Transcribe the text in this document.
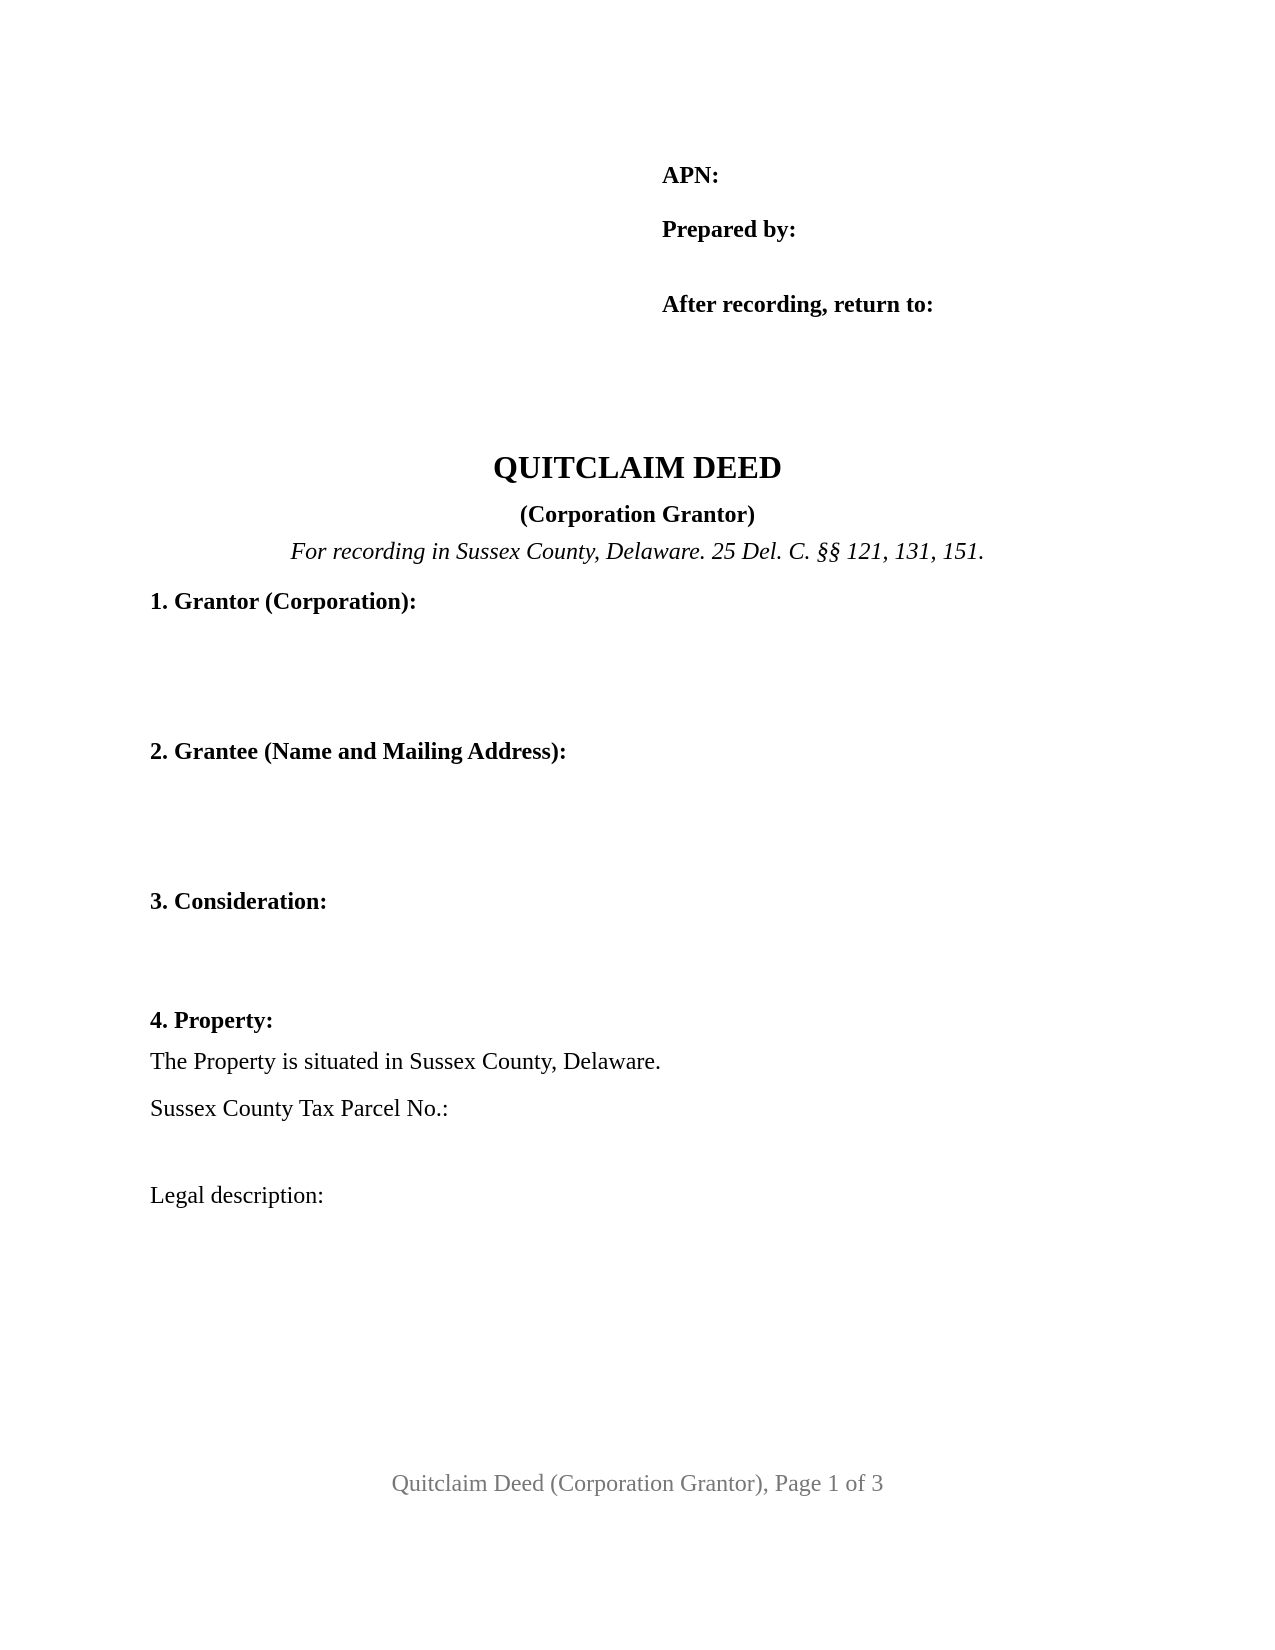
APN:
Prepared by:
After recording, return to:
QUITCLAIM DEED
(Corporation Grantor)
For recording in Sussex County, Delaware. 25 Del. C. §§ 121, 131, 151.
1. Grantor (Corporation):
2. Grantee (Name and Mailing Address):
3. Consideration:
4. Property:
The Property is situated in Sussex County, Delaware.
Sussex County Tax Parcel No.:
Legal description:
Quitclaim Deed (Corporation Grantor), Page 1 of 3
